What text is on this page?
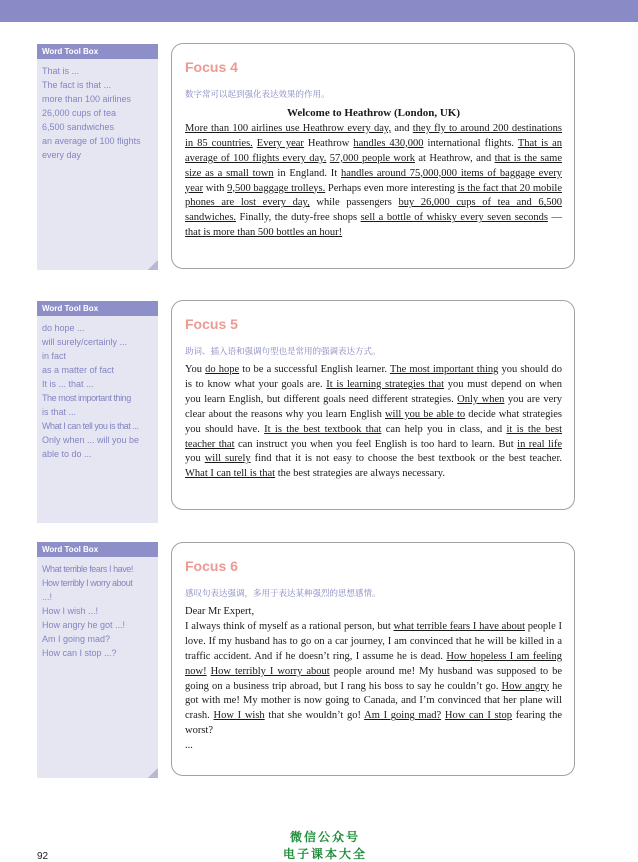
Word Tool Box
That is ...
The fact is that ...
more than 100 airlines
26,000 cups of tea
6,500 sandwiches
an average of 100 flights
every day
Focus 4
数字常可以起到强化表达效果的作用。
Welcome to Heathrow (London, UK)
More than 100 airlines use Heathrow every day, and they fly to around 200 destinations in 85 countries. Every year Heathrow handles 430,000 international flights. That is an average of 100 flights every day. 57,000 people work at Heathrow, and that is the same size as a small town in England. It handles around 75,000,000 items of baggage every year with 9,500 baggage trolleys. Perhaps even more interesting is the fact that 20 mobile phones are lost every day, while passengers buy 26,000 cups of tea and 6,500 sandwiches. Finally, the duty-free shops sell a bottle of whisky every seven seconds — that is more than 500 bottles an hour!
Word Tool Box
do hope ...
will surely/certainly ...
in fact
as a matter of fact
It is ... that ...
The most important thing
is that ...
What I can tell you is that ...
Only when ... will you be
able to do ...
Focus 5
助词、插入语和强调句型也是常用的强调表达方式。
You do hope to be a successful English learner. The most important thing you should do is to know what your goals are. It is learning strategies that you must depend on when you learn English, but different goals need different strategies. Only when you are very clear about the reasons why you learn English will you be able to decide what strategies you should have. It is the best textbook that can help you in class, and it is the best teacher that can instruct you when you feel English is too hard to learn. But in real life you will surely find that it is not easy to choose the best textbook or the best teacher. What I can tell is that the best strategies are always necessary.
Word Tool Box
What terrible fears I have!
How terribly I worry about
...!
How I wish ...!
How angry he got ...!
Am I going mad?
How can I stop ...?
Focus 6
感叹句表达强调，多用于表达某种强烈的思想感情。
Dear Mr Expert,
I always think of myself as a rational person, but what terrible fears I have about people I love. If my husband has to go on a car journey, I am convinced that he will be killed in a traffic accident. And if he doesn’t ring, I assume he is dead. How hopeless I am feeling now! How terribly I worry about people around me! My husband was supposed to be going on a business trip abroad, but I rang his boss to say he couldn’t go. How angry he got with me! My mother is now going to Canada, and I’m convinced that her plane will crash. How I wish that she wouldn’t go! Am I going mad? How can I stop fearing the worst?
...
92
微信公众号
电子课本大全
